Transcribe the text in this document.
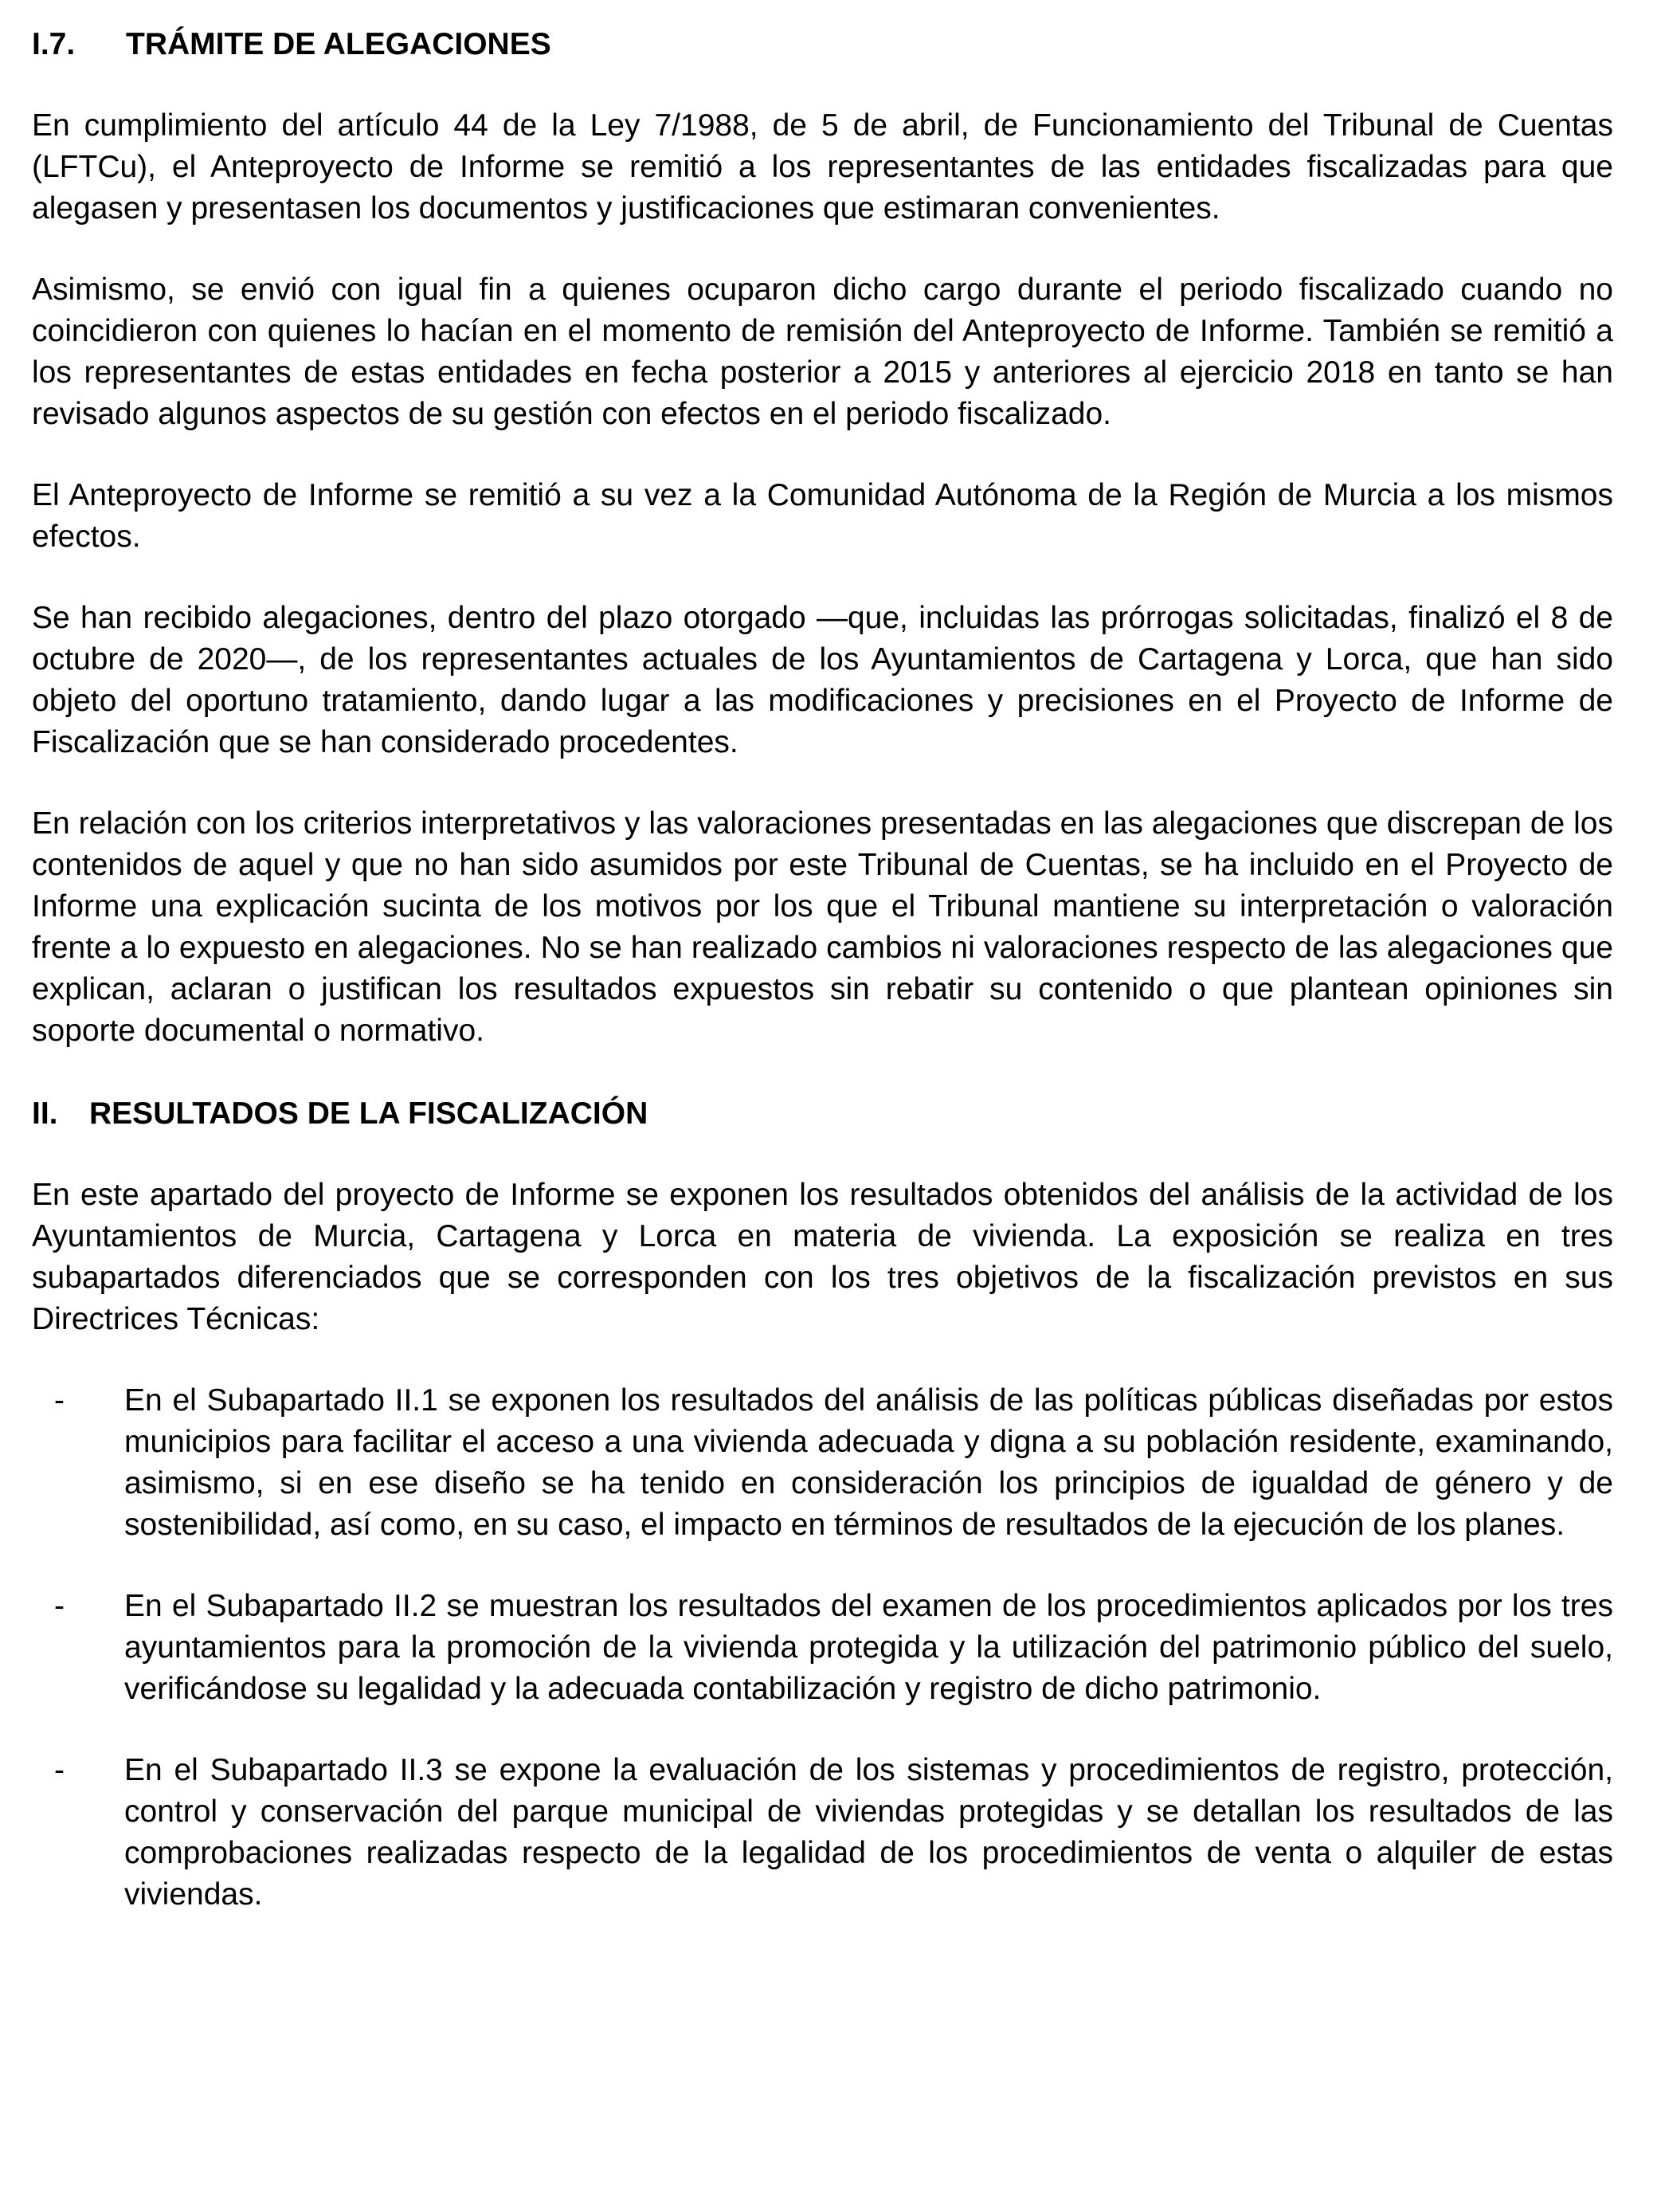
I.7.	TRÁMITE DE ALEGACIONES

En cumplimiento del artículo 44 de la Ley 7/1988, de 5 de abril, de Funcionamiento del Tribunal de Cuentas (LFTCu), el Anteproyecto de Informe se remitió a los representantes de las entidades fiscalizadas para que alegasen y presentasen los documentos y justificaciones que estimaran convenientes.

Asimismo, se envió con igual fin a quienes ocuparon dicho cargo durante el periodo fiscalizado cuando no coincidieron con quienes lo hacían en el momento de remisión del Anteproyecto de Informe. También se remitió a los representantes de estas entidades en fecha posterior a 2015 y anteriores al ejercicio 2018 en tanto se han revisado algunos aspectos de su gestión con efectos en el periodo fiscalizado.

El Anteproyecto de Informe se remitió a su vez a la Comunidad Autónoma de la Región de Murcia a los mismos efectos.

Se han recibido alegaciones, dentro del plazo otorgado —que, incluidas las prórrogas solicitadas, finalizó el 8 de octubre de 2020—, de los representantes actuales de los Ayuntamientos de Cartagena y Lorca, que han sido objeto del oportuno tratamiento, dando lugar a las modificaciones y precisiones en el Proyecto de Informe de Fiscalización que se han considerado procedentes.

En relación con los criterios interpretativos y las valoraciones presentadas en las alegaciones que discrepan de los contenidos de aquel y que no han sido asumidos por este Tribunal de Cuentas, se ha incluido en el Proyecto de Informe una explicación sucinta de los motivos por los que el Tribunal mantiene su interpretación o valoración frente a lo expuesto en alegaciones. No se han realizado cambios ni valoraciones respecto de las alegaciones que explican, aclaran o justifican los resultados expuestos sin rebatir su contenido o que plantean opiniones sin soporte documental o normativo.

II.	RESULTADOS DE LA FISCALIZACIÓN

En este apartado del proyecto de Informe se exponen los resultados obtenidos del análisis de la actividad de los Ayuntamientos de Murcia, Cartagena y Lorca en materia de vivienda. La exposición se realiza en tres subapartados diferenciados que se corresponden con los tres objetivos de la fiscalización previstos en sus Directrices Técnicas:

-	En el Subapartado II.1 se exponen los resultados del análisis de las políticas públicas diseñadas por estos municipios para facilitar el acceso a una vivienda adecuada y digna a su población residente, examinando, asimismo, si en ese diseño se ha tenido en consideración los principios de igualdad de género y de sostenibilidad, así como, en su caso, el impacto en términos de resultados de la ejecución de los planes.

-	En el Subapartado II.2 se muestran los resultados del examen de los procedimientos aplicados por los tres ayuntamientos para la promoción de la vivienda protegida y la utilización del patrimonio público del suelo, verificándose su legalidad y la adecuada contabilización y registro de dicho patrimonio.

-	En el Subapartado II.3 se expone la evaluación de los sistemas y procedimientos de registro, protección, control y conservación del parque municipal de viviendas protegidas y se detallan los resultados de las comprobaciones realizadas respecto de la legalidad de los procedimientos de venta o alquiler de estas viviendas.
